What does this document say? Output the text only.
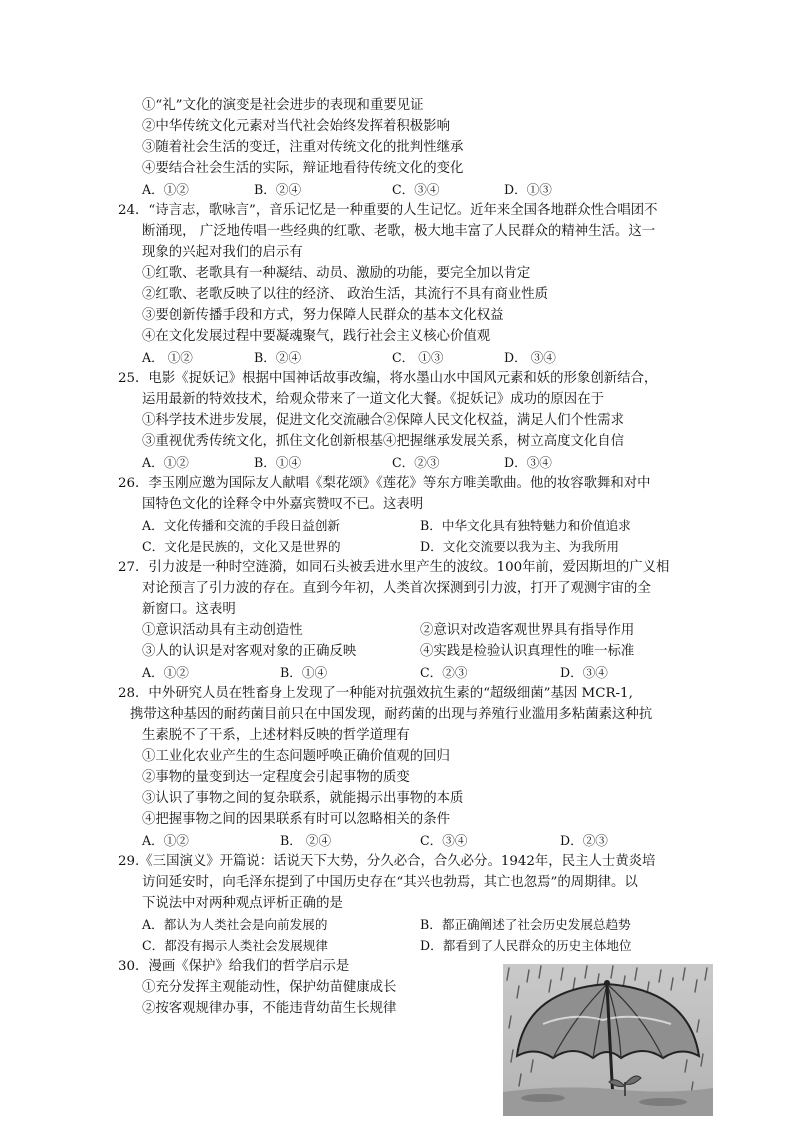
①“礼”文化的演变是社会进步的表现和重要见证
②中华传统文化元素对当代社会始终发挥着积极影响
③随着社会生活的变迁，注重对传统文化的批判性继承
④要结合社会生活的实际，辩证地看待传统文化的变化
A．①②	B．②④	C．③④	D．①③
24．“诗言志，歌咏言”，音乐记忆是一种重要的人生记忆。近年来全国各地群众性合唱团不
断涌现， 广泛地传唱一些经典的红歌、老歌，极大地丰富了人民群众的精神生活。这一
现象的兴起对我们的启示有
①红歌、老歌具有一种凝结、动员、激励的功能，要完全加以肯定
②红歌、老歌反映了以往的经济、 政治生活，其流行不具有商业性质
③要创新传播手段和方式，努力保障人民群众的基本文化权益
④在文化发展过程中要凝魂聚气，践行社会主义核心价值观
A． ①②	B．②④	C． ①③	D． ③④
25．电影《捉妖记》根据中国神话故事改编，将水墨山水中国风元素和妖的形象创新结合，
运用最新的特效技术，给观众带来了一道文化大餐。《捉妖记》成功的原因在于
①科学技术进步发展，促进文化交流融合②保障人民文化权益，满足人们个性需求
③重视优秀传统文化，抓住文化创新根基④把握继承发展关系，树立高度文化自信
A．①②	B．①④	C．②③	D．③④
26．李玉刚应邀为国际友人献唱《梨花颂》《莲花》等东方唯美歌曲。他的妆容歌舞和对中
国特色文化的诠释令中外嘉宾赞叹不已。这表明
A．文化传播和交流的手段日益创新	B．中华文化具有独特魅力和价值追求
C．文化是民族的，文化又是世界的	D．文化交流要以我为主、为我所用
27．引力波是一种时空涟漪，如同石头被丢进水里产生的波纹。100年前，爱因斯坦的广义相
对论预言了引力波的存在。直到今年初，人类首次探测到引力波，打开了观测宇宙的全
新窗口。这表明
①意识活动具有主动创造性	②意识对改造客观世界具有指导作用
③人的认识是对客观对象的正确反映	④实践是检验认识真理性的唯一标准
A．①②	B．①④	C．②③	D．③④
28．中外研究人员在牲畜身上发现了一种能对抗强效抗生素的“超级细菌”基因 MCR-1,
携带这种基因的耐药菌目前只在中国发现，耐药菌的出现与养殖行业滥用多粘菌素这种抗
生素脱不了干系，上述材料反映的哲学道理有
①工业化农业产生的生态问题呼唤正确价值观的回归
②事物的量变到达一定程度会引起事物的质变
③认识了事物之间的复杂联系，就能揭示出事物的本质
④把握事物之间的因果联系有时可以忽略相关的条件
A．①②	B． ②④	C．③④	D．②③
29.《三国演义》开篇说：话说天下大势，分久必合，合久必分。1942年，民主人士黄炎培
访问延安时，向毛泽东提到了中国历史存在“其兴也勃焉，其亡也忽焉”的周期律。以
下说法中对两种观点评析正确的是
A．都认为人类社会是向前发展的	B．都正确阐述了社会历史发展总趋势
C．都没有揭示人类社会发展规律	D．都看到了人民群众的历史主体地位
30．漫画《保护》给我们的哲学启示是
①充分发挥主观能动性，保护幼苗健康成长
②按客观规律办事，不能违背幼苗生长规律
